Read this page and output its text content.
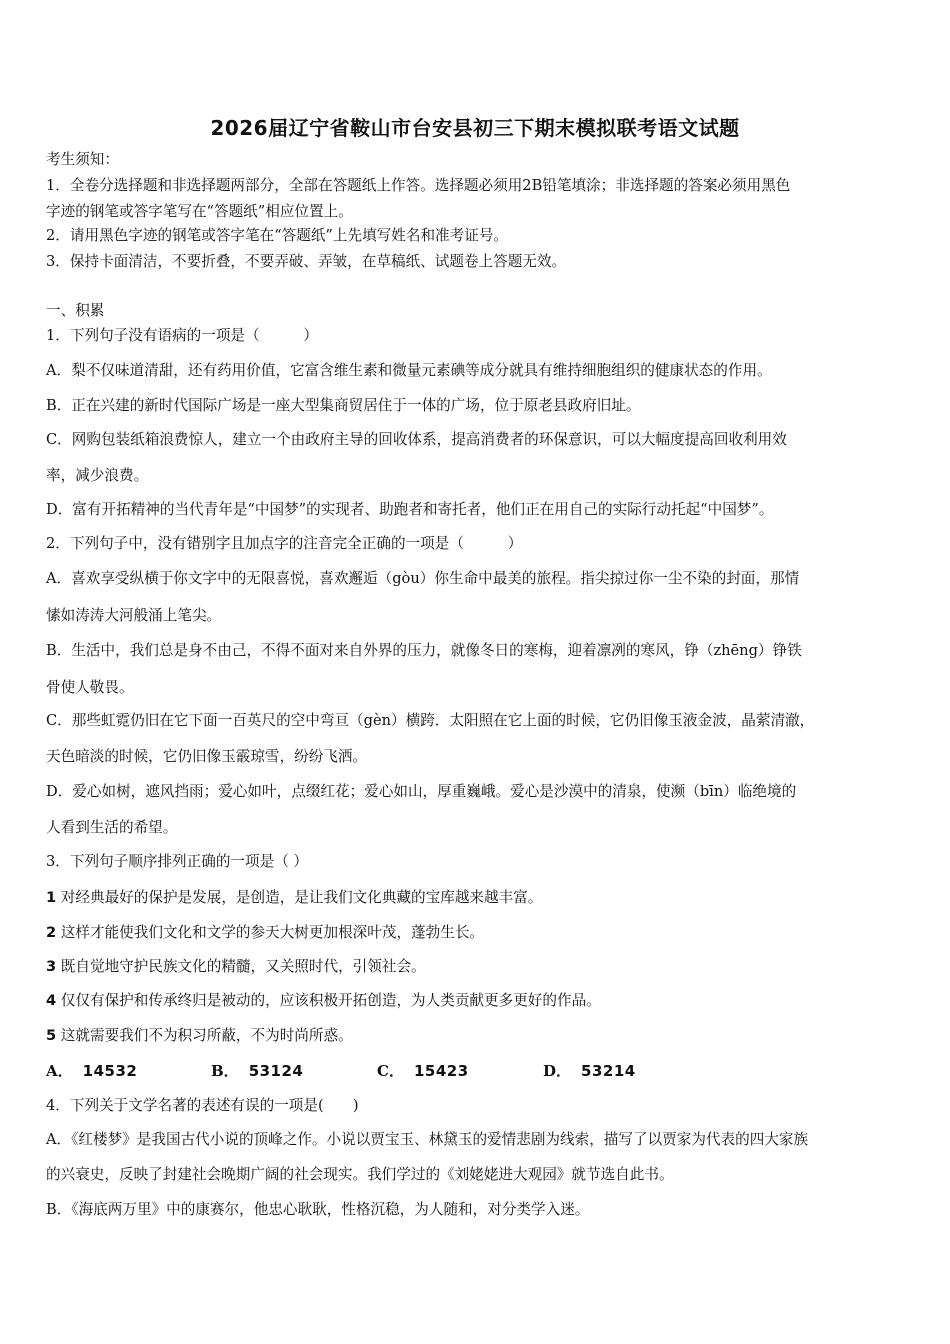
2026届辽宁省鞍山市台安县初三下期末模拟联考语文试题
考生须知：
1．全卷分选择题和非选择题两部分，全部在答题纸上作答。选择题必须用2B铅笔填涂；非选择题的答案必须用黑色
字迹的钢笔或答字笔写在“答题纸”相应位置上。
2．请用黑色字迹的钢笔或答字笔在“答题纸”上先填写姓名和准考证号。
3．保持卡面清洁，不要折叠，不要弄破、弄皱，在草稿纸、试题卷上答题无效。
一、积累
1．下列句子没有语病的一项是（　　　）
A．梨不仅味道清甜，还有药用价值，它富含维生素和微量元素碘等成分就具有维持细胞组织的健康状态的作用。
B．正在兴建的新时代国际广场是一座大型集商贸居住于一体的广场，位于原老县政府旧址。
C．网购包装纸箱浪费惊人，建立一个由政府主导的回收体系，提高消费者的环保意识，可以大幅度提高回收利用效
率，减少浪费。
D．富有开拓精神的当代青年是“中国梦”的实现者、助跑者和寄托者，他们正在用自己的实际行动托起“中国梦”。
2．下列句子中，没有错别字且加点字的注音完全正确的一项是（　　　）
A．喜欢享受纵横于你文字中的无限喜悦，喜欢邂逅（gòu）你生命中最美的旅程。指尖掠过你一尘不染的封面，那情
愫如涛涛大河般涌上笔尖。
B．生活中，我们总是身不由己，不得不面对来自外界的压力，就像冬日的寒梅，迎着凛冽的寒风，铮（zhēng）铮铁
骨使人敬畏。
C．那些虹霓仍旧在它下面一百英尺的空中弯亘（gèn）横跨．太阳照在它上面的时候，它仍旧像玉液金波，晶萦清澈，
天色暗淡的时候，它仍旧像玉霰琼雪，纷纷飞洒。
D．爱心如树，遮风挡雨；爱心如叶，点缀红花；爱心如山，厚重巍峨。爱心是沙漠中的清泉，使濒（bīn）临绝境的
人看到生活的希望。
3．下列句子顺序排列正确的一项是（ ）
1 对经典最好的保护是发展，是创造，是让我们文化典藏的宝库越来越丰富。
2 这样才能使我们文化和文学的参天大树更加根深叶茂，蓬勃生长。
3 既自觉地守护民族文化的精髓，又关照时代，引领社会。
4 仅仅有保护和传承终归是被动的，应该积极开拓创造，为人类贡献更多更好的作品。
5 这就需要我们不为积习所蔽，不为时尚所惑。
A． 14532	B． 53124	C． 15423	D． 53214
4．下列关于文学名著的表述有误的一项是(　　)
A．《红楼梦》是我国古代小说的顶峰之作。小说以贾宝玉、林黛玉的爱情悲剧为线索，描写了以贾家为代表的四大家族
的兴衰史，反映了封建社会晚期广阔的社会现实。我们学过的《刘姥姥进大观园》就节选自此书。
B．《海底两万里》中的康赛尔，他忠心耿耿，性格沉稳，为人随和，对分类学入迷。
